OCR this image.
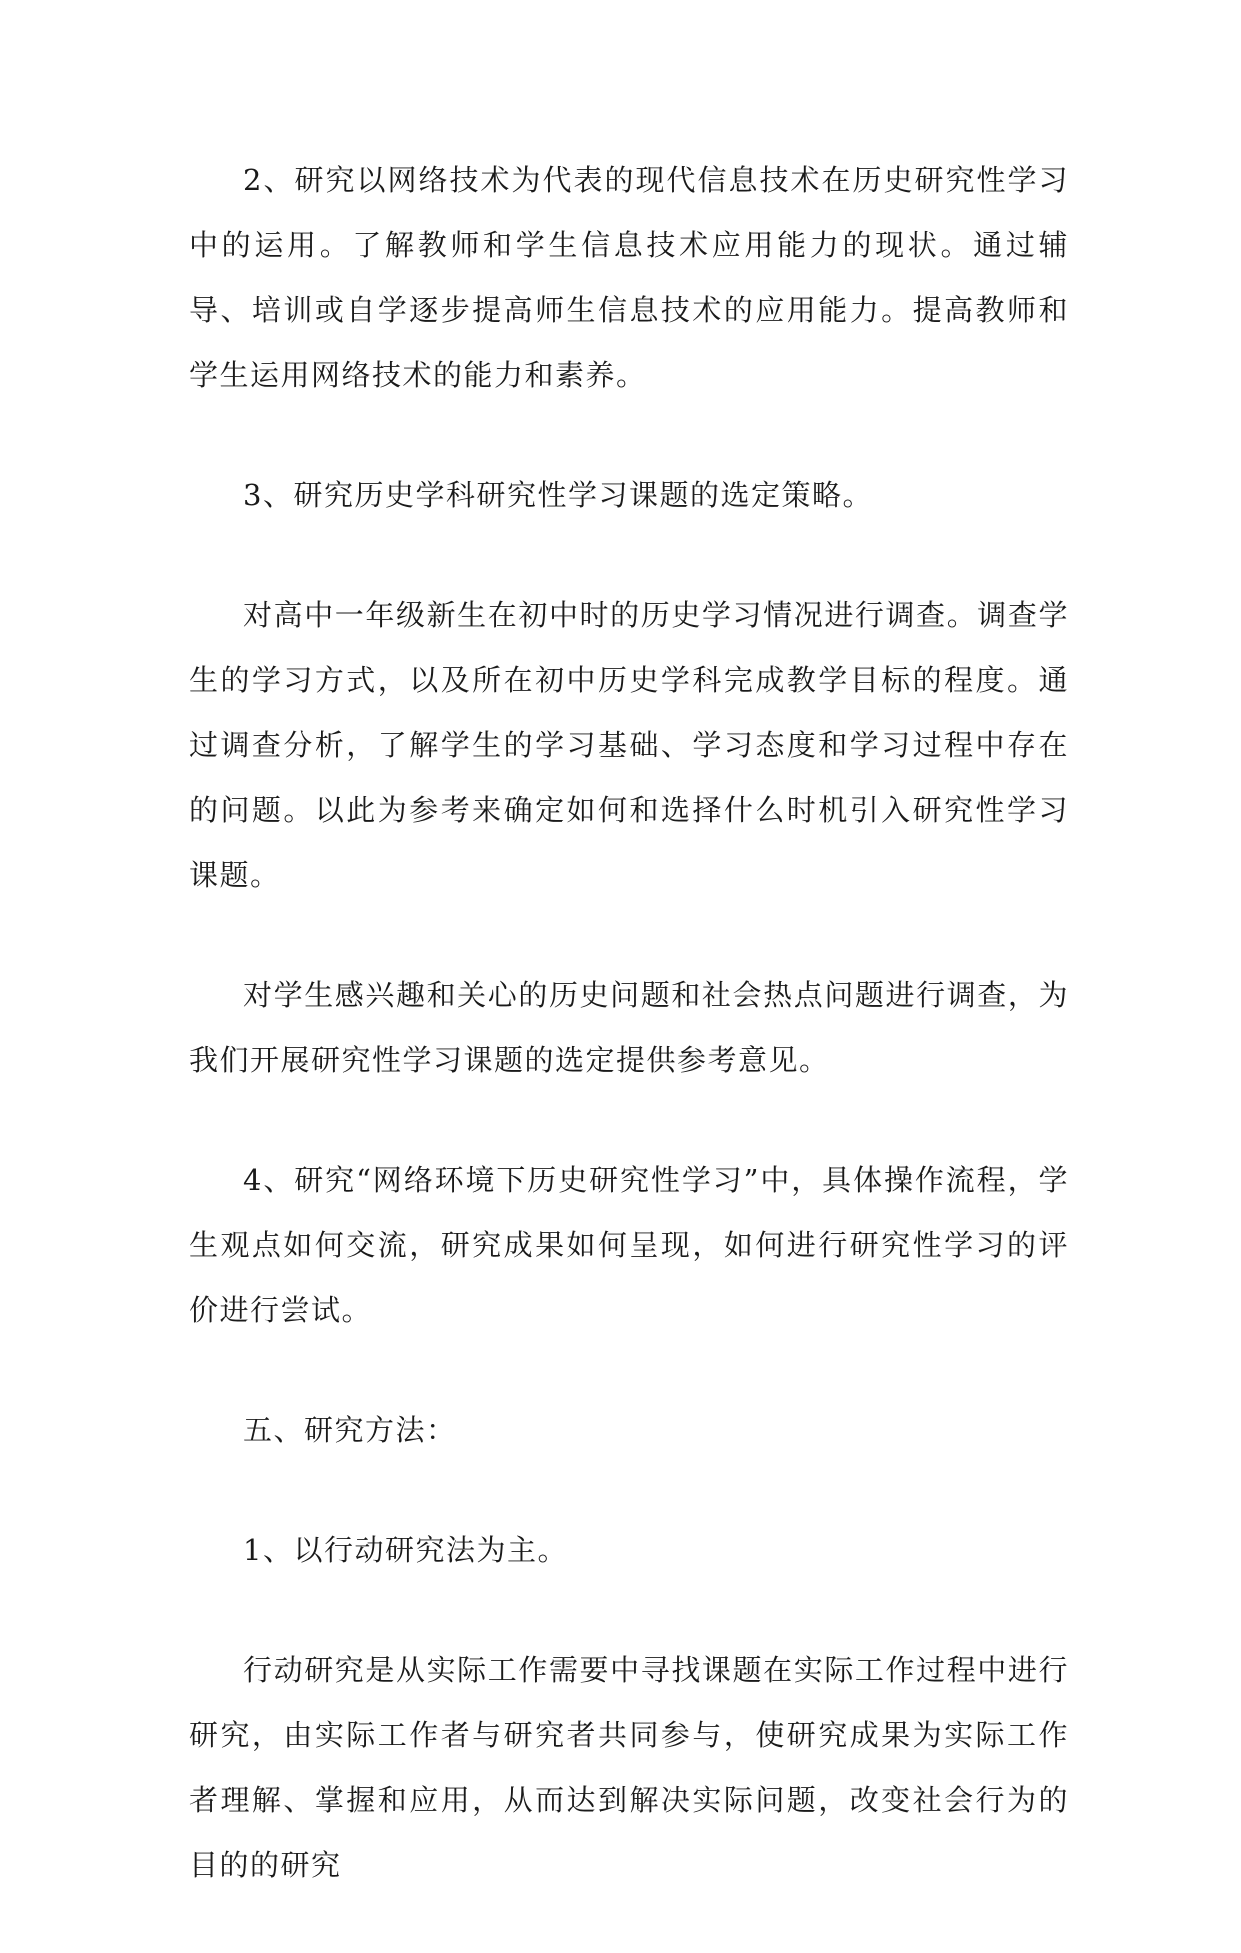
2、研究以网络技术为代表的现代信息技术在历史研究性学习中的运用。了解教师和学生信息技术应用能力的现状。通过辅导、培训或自学逐步提高师生信息技术的应用能力。提高教师和学生运用网络技术的能力和素养。

3、研究历史学科研究性学习课题的选定策略。

对高中一年级新生在初中时的历史学习情况进行调查。调查学生的学习方式，以及所在初中历史学科完成教学目标的程度。通过调查分析，了解学生的学习基础、学习态度和学习过程中存在的问题。以此为参考来确定如何和选择什么时机引入研究性学习课题。

对学生感兴趣和关心的历史问题和社会热点问题进行调查，为我们开展研究性学习课题的选定提供参考意见。

4、研究“网络环境下历史研究性学习”中，具体操作流程，学生观点如何交流，研究成果如何呈现，如何进行研究性学习的评价进行尝试。

五、研究方法：

1、以行动研究法为主。

行动研究是从实际工作需要中寻找课题在实际工作过程中进行研究，由实际工作者与研究者共同参与，使研究成果为实际工作者理解、掌握和应用，从而达到解决实际问题，改变社会行为的目的的研究
